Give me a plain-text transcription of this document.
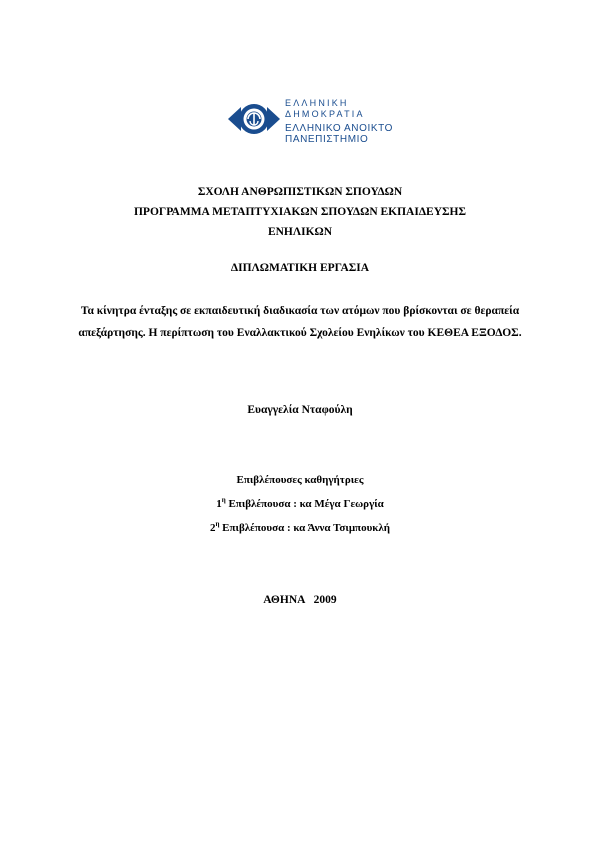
ΕΛΛΗΝΙΚΗ
ΔΗΜΟΚΡΑΤΙΑ
ΕΛΛΗΝΙΚΟ ΑΝΟΙΚΤΟ
ΠΑΝΕΠΙΣΤΗΜΙΟ
ΣΧΟΛΗ ΑΝΘΡΩΠΙΣΤΙΚΩΝ ΣΠΟΥΔΩΝ
ΠΡΟΓΡΑΜΜΑ ΜΕΤΑΠΤΥΧΙΑΚΩΝ ΣΠΟΥΔΩΝ ΕΚΠΑΙΔΕΥΣΗΣ
ΕΝΗΛΙΚΩΝ
ΔΙΠΛΩΜΑΤΙΚΗ ΕΡΓΑΣΙΑ
Τα κίνητρα ένταξης σε εκπαιδευτική διαδικασία των ατόμων που βρίσκονται σε θεραπεία απεξάρτησης. Η περίπτωση του Εναλλακτικού Σχολείου Ενηλίκων του ΚΕΘΕΑ ΕΞΟΔΟΣ.
Ευαγγελία Νταφούλη
Επιβλέπουσες καθηγήτριες
$1^\eta$ Επιβλέπουσα : κα Μέγα Γεωργία
$2^\eta$ Επιβλέπουσα : κα Άννα Τσιμπουκλή
ΑΘΗΝΑ 2009
